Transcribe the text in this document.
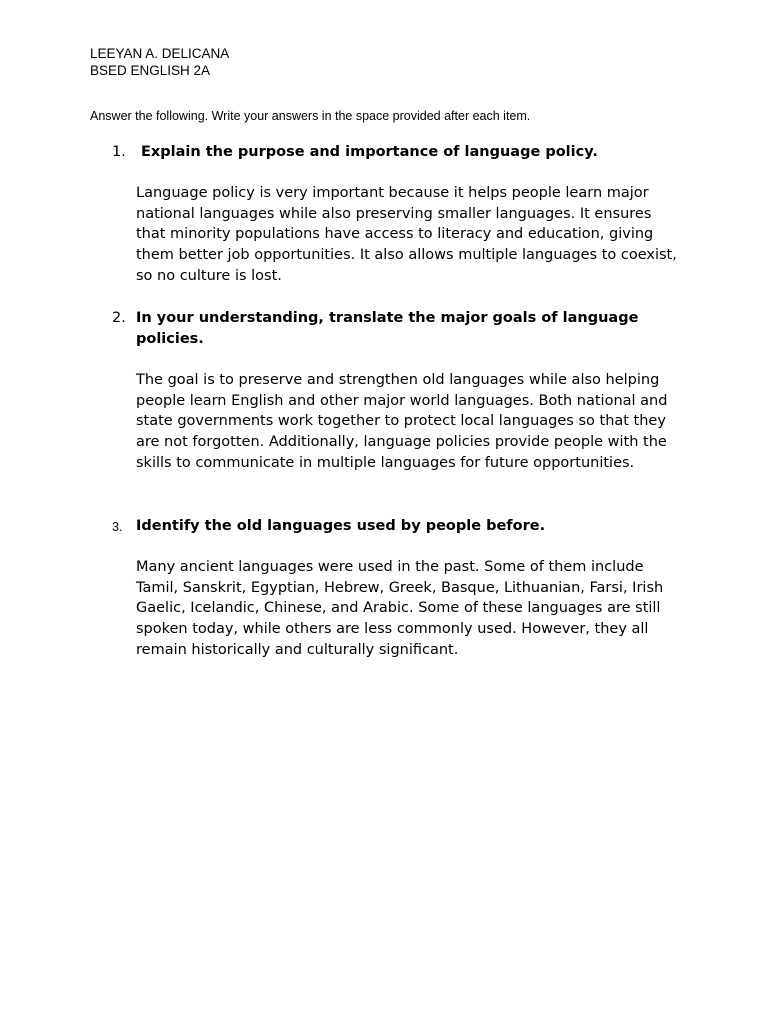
LEEYAN A. DELICANA
BSED ENGLISH 2A
Answer the following. Write your answers in the space provided after each item.
1. Explain the purpose and importance of language policy.
Language policy is very important because it helps people learn major national languages while also preserving smaller languages. It ensures that minority populations have access to literacy and education, giving them better job opportunities. It also allows multiple languages to coexist, so no culture is lost.
2. In your understanding, translate the major goals of language policies.
The goal is to preserve and strengthen old languages while also helping people learn English and other major world languages. Both national and state governments work together to protect local languages so that they are not forgotten. Additionally, language policies provide people with the skills to communicate in multiple languages for future opportunities.
3. Identify the old languages used by people before.
Many ancient languages were used in the past. Some of them include Tamil, Sanskrit, Egyptian, Hebrew, Greek, Basque, Lithuanian, Farsi, Irish Gaelic, Icelandic, Chinese, and Arabic. Some of these languages are still spoken today, while others are less commonly used. However, they all remain historically and culturally significant.
